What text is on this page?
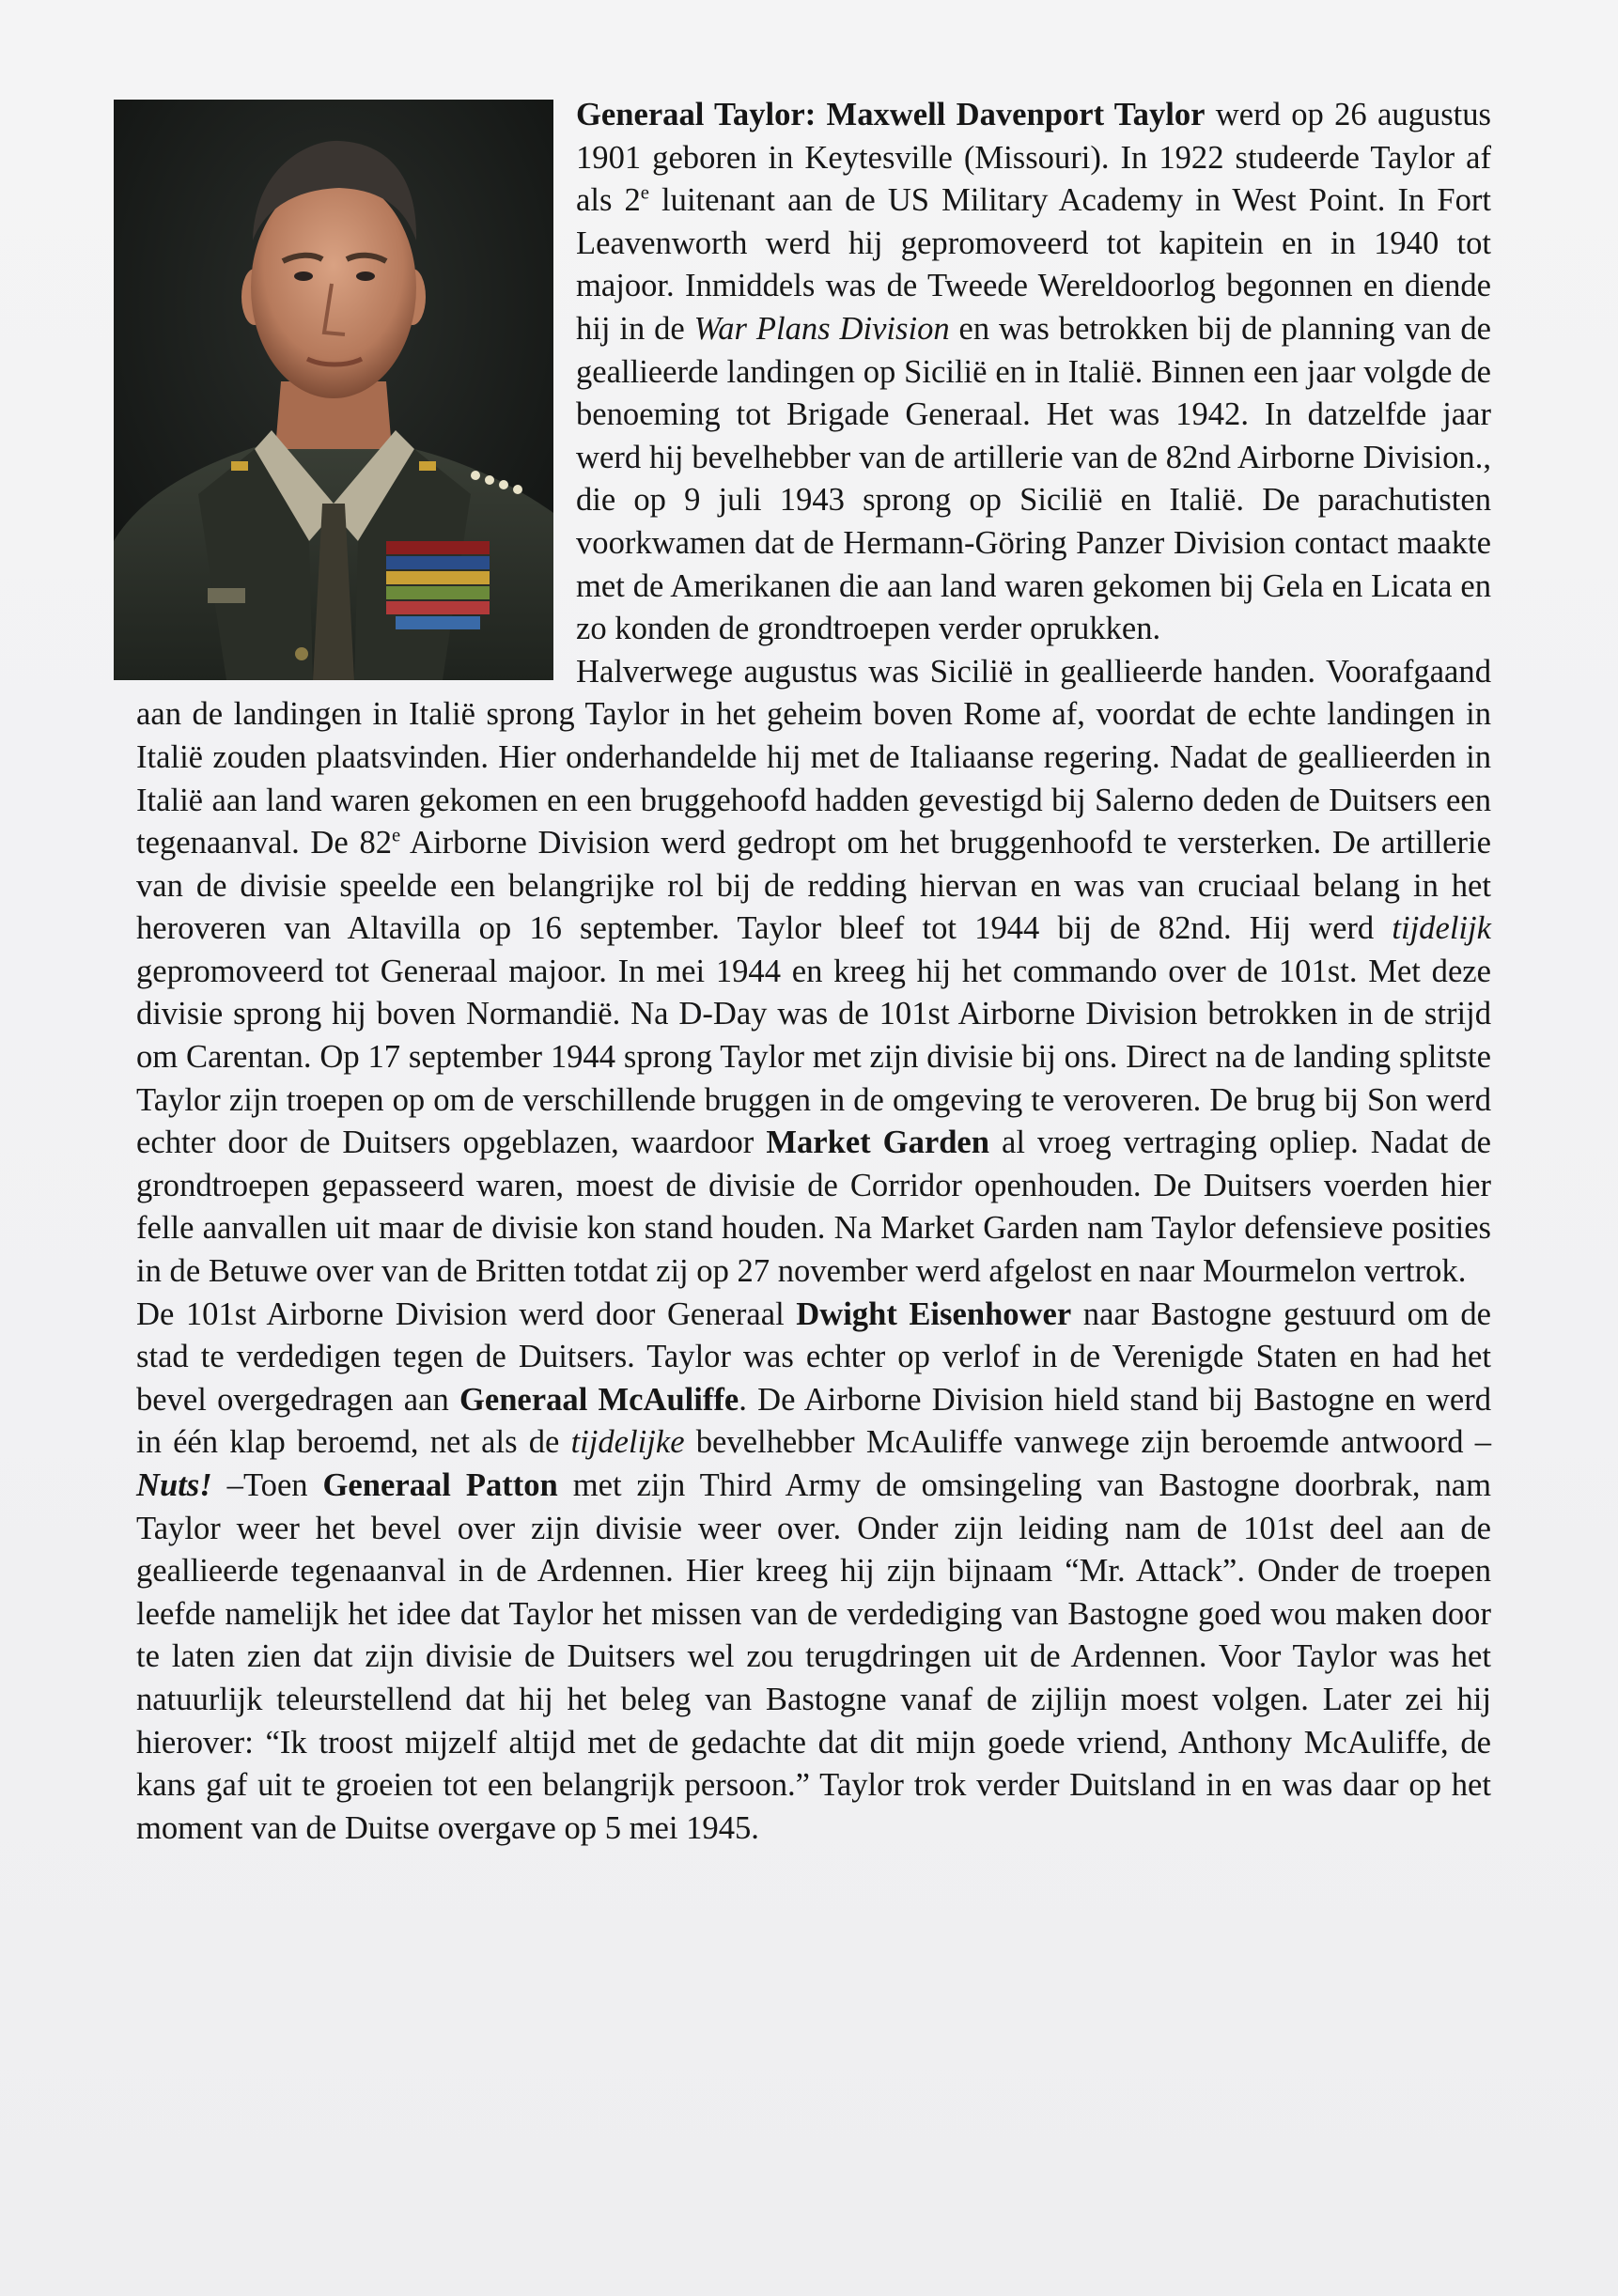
Generaal Taylor: Maxwell Davenport Taylor werd op 26 augustus 1901 geboren in Keytesville (Missouri). In 1922 studeerde Taylor af als 2e luitenant aan de US Military Academy in West Point. In Fort Leavenworth werd hij gepromoveerd tot kapitein en in 1940 tot majoor. Inmiddels was de Tweede Wereldoorlog begonnen en diende hij in de War Plans Division en was betrokken bij de planning van de geallieerde landingen op Sicilië en in Italië. Binnen een jaar volgde de benoeming tot Brigade Generaal. Het was 1942. In datzelfde jaar werd hij bevelhebber van de artillerie van de 82nd Airborne Division., die op 9 juli 1943 sprong op Sicilië en Italië. De parachutisten voorkwamen dat de Hermann-Göring Panzer Division contact maakte met de Amerikanen die aan land waren gekomen bij Gela en Licata en zo konden de grondtroepen verder oprukken.

Halverwege augustus was Sicilië in geallieerde handen. Voorafgaand aan de landingen in Italië sprong Taylor in het geheim boven Rome af, voordat de echte landingen in Italië zouden plaatsvinden. Hier onderhandelde hij met de Italiaanse regering. Nadat de geallieerden in Italië aan land waren gekomen en een bruggehoofd hadden gevestigd bij Salerno deden de Duitsers een tegenaanval. De 82e Airborne Division werd gedropt om het bruggenhoofd te versterken. De artillerie van de divisie speelde een belangrijke rol bij de redding hiervan en was van cruciaal belang in het heroveren van Altavilla op 16 september. Taylor bleef tot 1944 bij de 82nd. Hij werd tijdelijk gepromoveerd tot Generaal majoor. In mei 1944 en kreeg hij het commando over de 101st. Met deze divisie sprong hij boven Normandië. Na D-Day was de 101st Airborne Division betrokken in de strijd om Carentan. Op 17 september 1944 sprong Taylor met zijn divisie bij ons. Direct na de landing splitste Taylor zijn troepen op om de verschillende bruggen in de omgeving te veroveren. De brug bij Son werd echter door de Duitsers opgeblazen, waardoor Market Garden al vroeg vertraging opliep. Nadat de grondtroepen gepasseerd waren, moest de divisie de Corridor openhouden. De Duitsers voerden hier felle aanvallen uit maar de divisie kon stand houden. Na Market Garden nam Taylor defensieve posities in de Betuwe over van de Britten totdat zij op 27 november werd afgelost en naar Mourmelon vertrok.

De 101st Airborne Division werd door Generaal Dwight Eisenhower naar Bastogne gestuurd om de stad te verdedigen tegen de Duitsers. Taylor was echter op verlof in de Verenigde Staten en had het bevel overgedragen aan Generaal McAuliffe. De Airborne Division hield stand bij Bastogne en werd in één klap beroemd, net als de tijdelijke bevelhebber McAuliffe vanwege zijn beroemde antwoord – Nuts! –Toen Generaal Patton met zijn Third Army de omsingeling van Bastogne doorbrak, nam Taylor weer het bevel over zijn divisie weer over. Onder zijn leiding nam de 101st deel aan de geallieerde tegenaanval in de Ardennen. Hier kreeg hij zijn bijnaam “Mr. Attack”. Onder de troepen leefde namelijk het idee dat Taylor het missen van de verdediging van Bastogne goed wou maken door te laten zien dat zijn divisie de Duitsers wel zou terugdringen uit de Ardennen. Voor Taylor was het natuurlijk teleurstellend dat hij het beleg van Bastogne vanaf de zijlijn moest volgen. Later zei hij hierover: “Ik troost mijzelf altijd met de gedachte dat dit mijn goede vriend, Anthony McAuliffe, de kans gaf uit te groeien tot een belangrijk persoon.” Taylor trok verder Duitsland in en was daar op het moment van de Duitse overgave op 5 mei 1945.
